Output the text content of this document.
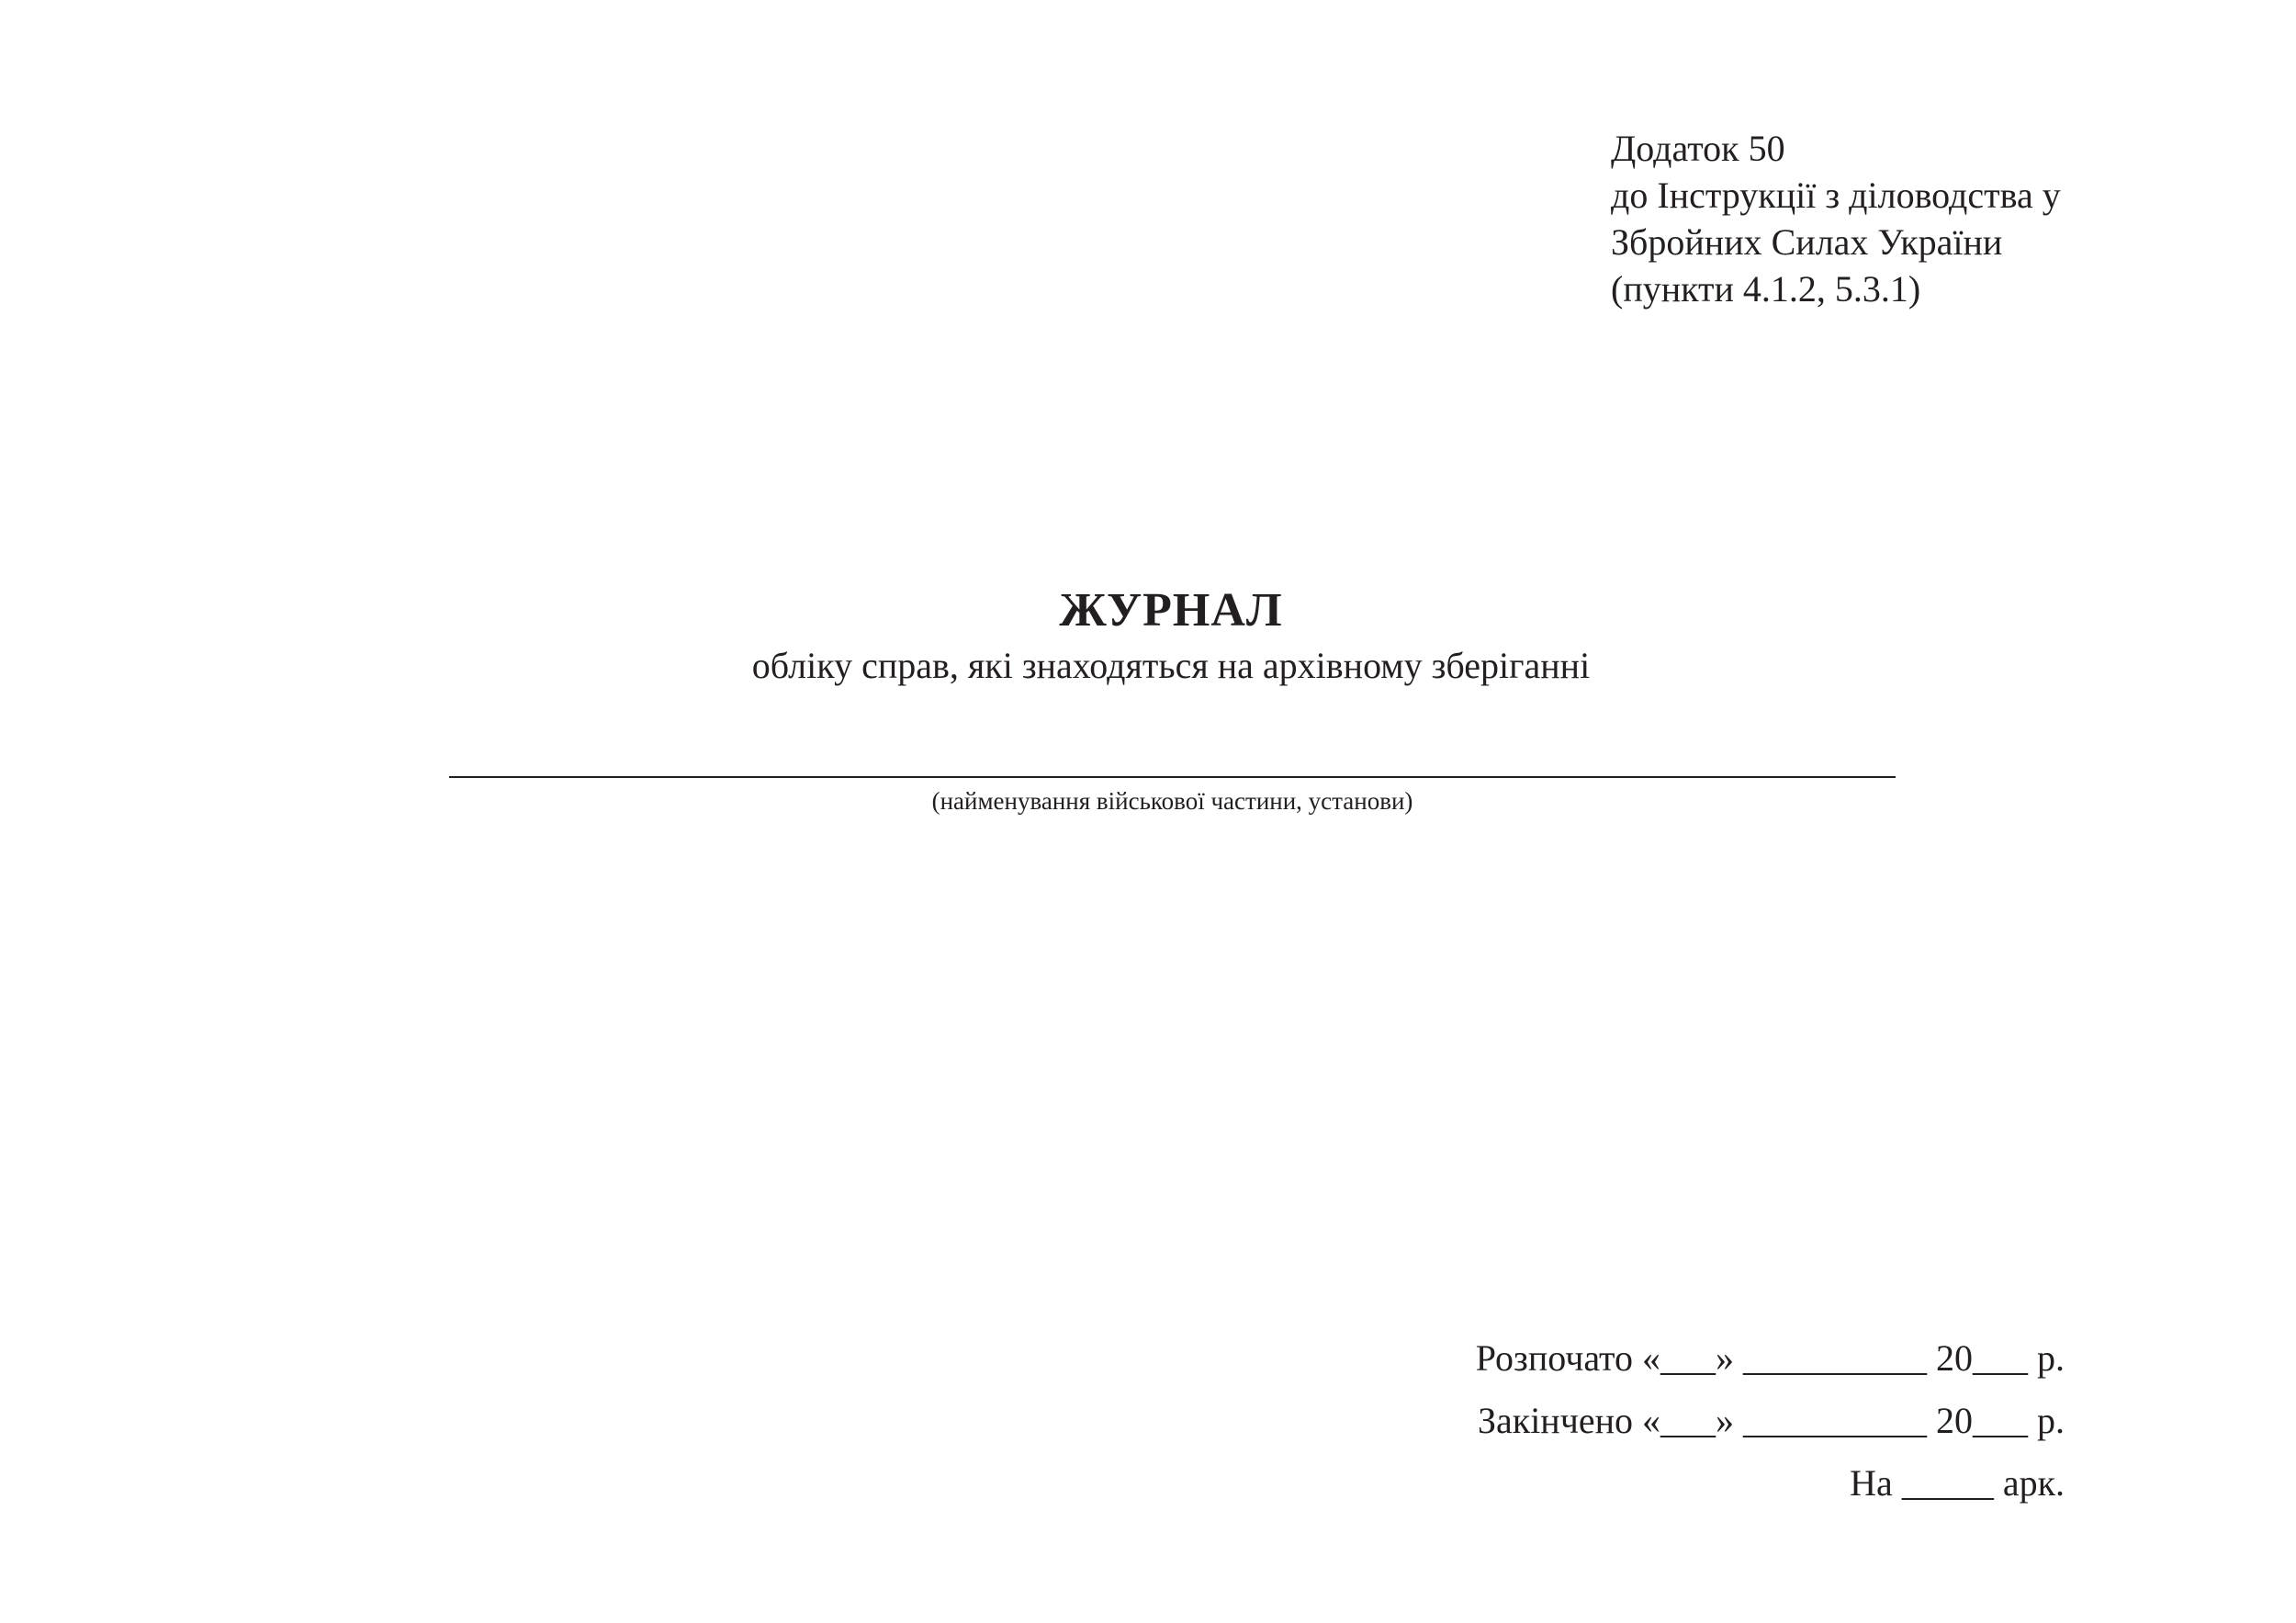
Додаток 50
до Інструкції з діловодства у
Збройних Силах України
(пункти 4.1.2, 5.3.1)
ЖУРНАЛ
обліку справ, які знаходяться на архівному зберіганні
(найменування військової частини, установи)
Розпочато «___» __________ 20___ р.
Закінчено «___» __________ 20___ р.
На _____ арк.
